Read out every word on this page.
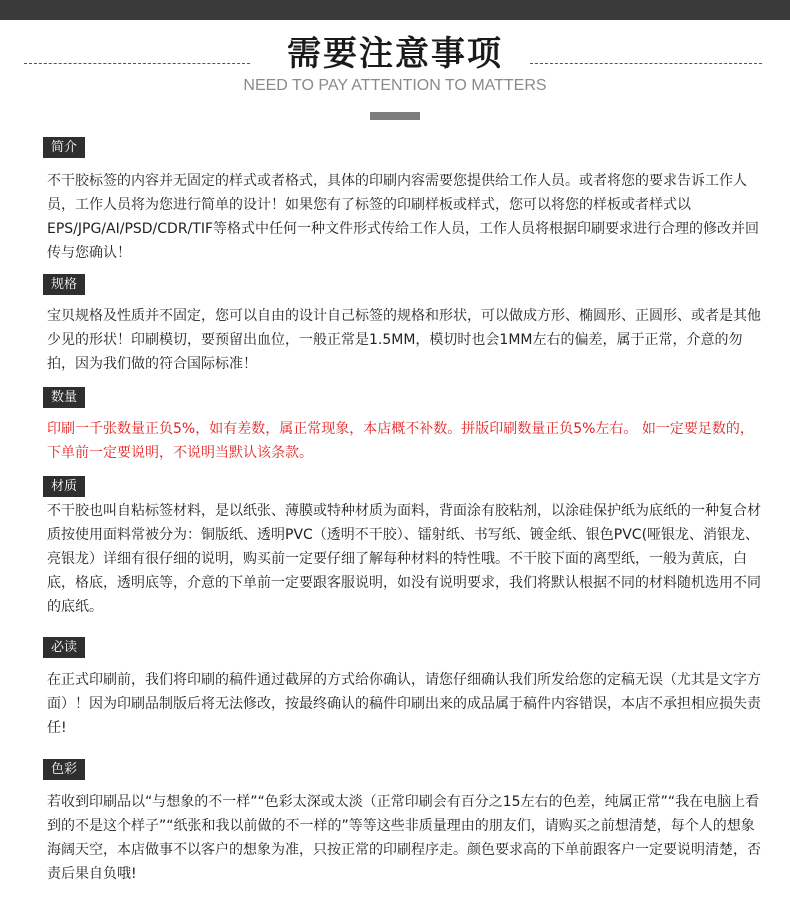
需要注意事项
NEED TO PAY ATTENTION TO MATTERS
简介
不干胶标签的内容并无固定的样式或者格式，具体的印刷内容需要您提供给工作人员。或者将您的要求告诉工作人员，工作人员将为您进行简单的设计！如果您有了标签的印刷样板或样式，您可以将您的样板或者样式以EPS/JPG/AI/PSD/CDR/TIF等格式中任何一种文件形式传给工作人员，工作人员将根据印刷要求进行合理的修改并回传与您确认！
规格
宝贝规格及性质并不固定，您可以自由的设计自己标签的规格和形状，可以做成方形、椭圆形、正圆形、或者是其他少见的形状！印刷模切，要预留出血位，一般正常是1.5MM，模切时也会1MM左右的偏差，属于正常，介意的勿拍，因为我们做的符合国际标准！
数量
印刷一千张数量正负5%，如有差数，属正常现象，本店概不补数。拼版印刷数量正负5%左右。 如一定要足数的，下单前一定要说明，不说明当默认该条款。
材质
不干胶也叫自粘标签材料，是以纸张、薄膜或特种材质为面料，背面涂有胶粘剂，以涂硅保护纸为底纸的一种复合材质按使用面料常被分为：铜版纸、透明PVC（透明不干胶）、镭射纸、书写纸、镀金纸、银色PVC(哑银龙、消银龙、亮银龙）详细有很仔细的说明，购买前一定要仔细了解每种材料的特性哦。不干胶下面的离型纸，一般为黄底，白底，格底，透明底等，介意的下单前一定要跟客服说明，如没有说明要求，我们将默认根据不同的材料随机选用不同的底纸。
必读
在正式印刷前，我们将印刷的稿件通过截屏的方式给你确认，请您仔细确认我们所发给您的定稿无误（尤其是文字方面）！因为印刷品制版后将无法修改，按最终确认的稿件印刷出来的成品属于稿件内容错误，本店不承担相应损失责任!
色彩
若收到印刷品以“与想象的不一样”“色彩太深或太淡（正常印刷会有百分之15左右的色差，纯属正常”“我在电脑上看到的不是这个样子”“纸张和我以前做的不一样的”等等这些非质量理由的朋友们，请购买之前想清楚，每个人的想象海阔天空，本店做事不以客户的想象为准，只按正常的印刷程序走。颜色要求高的下单前跟客户一定要说明清楚，否责后果自负哦!
